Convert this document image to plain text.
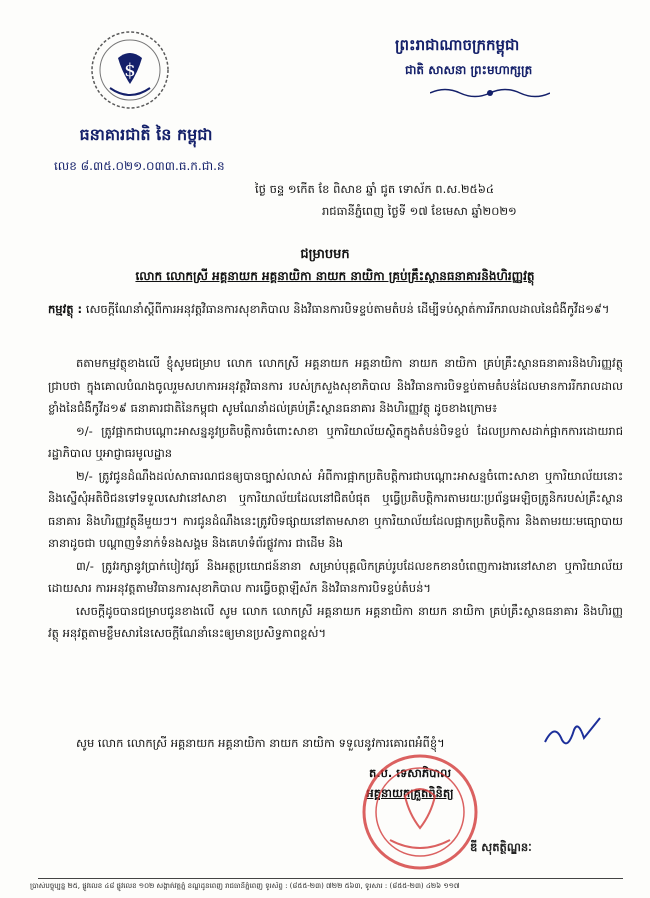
$
ធនាគារជាតិ នៃ កម្ពុជា
លេខ ៨.៣៥.០២១.០៣៣.ធ.ក.ជា.ន
ព្រះរាជាណាចក្រកម្ពុជា
ជាតិ សាសនា ព្រះមហាក្សត្រ
ថ្ងៃ ចន្ទ ១កើត ខែ ពិសាខ ឆ្នាំ ជូត ទោស័ក ព.ស.២៥៦៤
រាជធានីភ្នំពេញ ថ្ងៃទី ១៧ ខែមេសា ឆ្នាំ២០២១
ជម្រាបមក
លោក លោកស្រី អគ្គនាយក អគ្គនាយិកា នាយក នាយិកា គ្រប់គ្រឹះស្ថានធនាគារនិងហិរញ្ញវត្ថុ
កម្មវត្ថុ : សេចក្ដីណែនាំស្ដីពីការអនុវត្តវិធានការសុខាភិបាល និងវិធានការបិទខ្ទប់តាមតំបន់ ដើម្បីទប់ស្កាត់ការរីករាលដាលនៃជំងឺកូវីដ១៩។

តតាមកម្មវត្ថុខាងលើ ខ្ញុំសូមជម្រាប លោក លោកស្រី អគ្គនាយក អគ្គនាយិកា នាយក នាយិកា គ្រប់គ្រឹះស្ថានធនាគារនិងហិរញ្ញវត្ថុ ជ្រាបថា ក្នុងគោលបំណងចូលរួមសហការអនុវត្តវិធានការ របស់ក្រសួងសុខាភិបាល និងវិធានការបិទខ្ទប់តាមតំបន់ដែលមានការរីករាលដាលខ្លាំងនៃជំងឺកូវីដ១៩ ធនាគារជាតិនៃកម្ពុជា សូមណែនាំដល់គ្រប់គ្រឹះស្ថានធនាគារ និងហិរញ្ញវត្ថុ ដូចខាងក្រោម៖

១/- ត្រូវផ្អាកជាបណ្ដោះអាសន្ននូវប្រតិបត្តិការចំពោះសាខា ឬការិយាល័យស្ថិតក្នុងតំបន់បិទខ្ទប់ ដែលប្រកាសដាក់ផ្អាកការដោយរាជរដ្ឋាភិបាល ឬអាជ្ញាធរមូលដ្ឋាន

២/- ត្រូវជូនដំណឹងដល់សាធារណជនឲ្យបានច្បាស់លាស់ អំពីការផ្អាកប្រតិបត្តិការជាបណ្ដោះអាសន្នចំពោះសាខា ឬការិយាល័យនោះ និងស្នើសុំអតិថិជនទៅទទួលសេវានៅសាខា ឬការិយាល័យដែលនៅជិតបំផុត ឬធ្វើប្រតិបត្តិការតាមរយៈប្រព័ន្ធអេឡិចត្រូនិករបស់គ្រឹះស្ថានធនាគារ និងហិរញ្ញវត្ថុនីមួយៗ។ ការជូនដំណឹងនេះត្រូវបិទផ្សាយនៅតាមសាខា ឬការិយាល័យដែលផ្អាកប្រតិបត្តិការ និងតាមរយៈមធ្យោបាយនានាដូចជា បណ្ដាញទំនាក់ទំនងសង្គម និងគេហទំព័រផ្លូវការ ជាដើម និង

៣/- ត្រូវរក្សានូវប្រាក់បៀវត្សរ៍ និងអត្ថប្រយោជន៍នានា សម្រាប់បុគ្គលិកគ្រប់រូបដែលខកខានបំពេញការងារនៅសាខា ឬការិយាល័យ ដោយសារ ការអនុវត្តតាមវិធានការសុខាភិបាល ការធ្វើចត្តាឡីស័ក និងវិធានការបិទខ្ទប់តំបន់។

សេចក្ដីដូចបានជម្រាបជូនខាងលើ សូម លោក លោកស្រី អគ្គនាយក អគ្គនាយិកា នាយក នាយិកា គ្រប់គ្រឹះស្ថានធនាគារ និងហិរញ្ញវត្ថុ អនុវត្តតាមខ្លឹមសារនៃសេចក្ដីណែនាំនេះឲ្យមានប្រសិទ្ធភាពខ្ពស់។

សូម លោក លោកស្រី អគ្គនាយក អគ្គនាយិកា នាយក នាយិកា ទទួលនូវការគោរពអំពីខ្ញុំ។
ត.ប. ទេសាភិបាល
អគ្គនាយកគ្រួតពិនិត្យ
ឌី សុតត្ថិណ្ឌនៈ
ប្រាស់បច្ចុប្បន្ន ២៥, ផ្លូវលេខ ៤៨ ផ្លូវលេខ ១០២ សង្កាត់វត្តភ្នំ ខណ្ឌដូនពេញ រាជធានីភ្នំពេញ ទូរស័ព្ទ : (៨៥៥-២៣) ៧២២ ៥៦៣, ទូរសារ : (៨៥៥-២៣) ៤២៦ ១១៧
